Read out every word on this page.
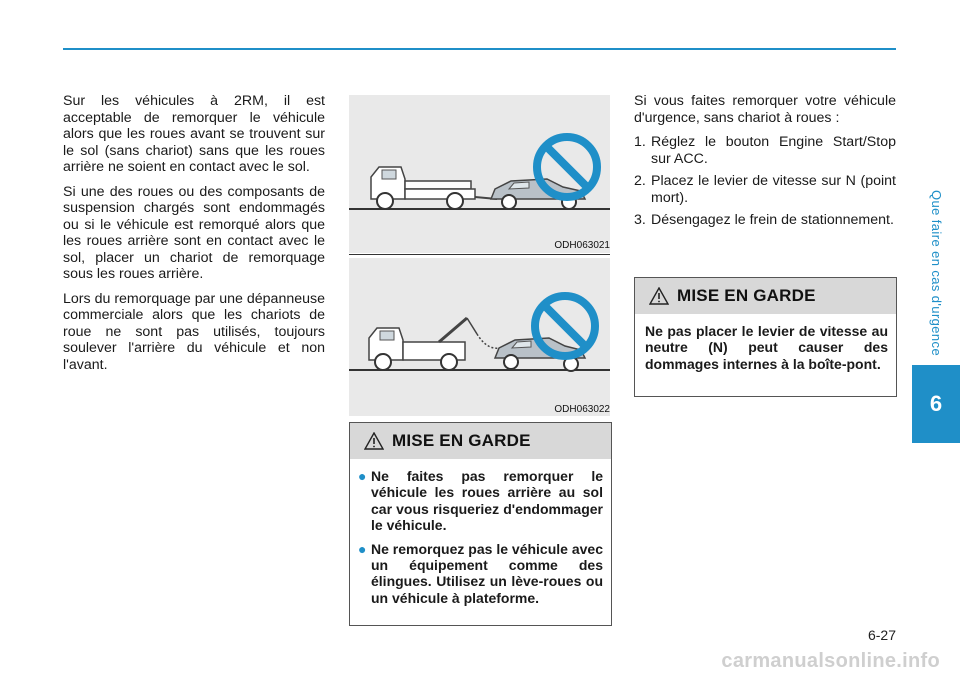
Que faire en cas d'urgence
6

Sur les véhicules à 2RM, il est acceptable de remorquer le véhicule alors que les roues avant se trouvent sur le sol (sans chariot) sans que les roues arrière ne soient en contact avec le sol.

Si une des roues ou des composants de suspension chargés sont endommagés ou si le véhicule est remorqué alors que les roues arrière sont en contact avec le sol, placer un chariot de remorquage sous les roues arrière.

Lors du remorquage par une dépanneuse commerciale alors que les chariots de roue ne sont pas utilisés, toujours soulever l'arrière du véhicule et non l'avant.

ODH063021
ODH063022
MISE EN GARDE
● Ne faites pas remorquer le véhicule les roues arrière au sol car vous risqueriez d'endommager le véhicule.
● Ne remorquez pas le véhicule avec un équipement comme des élingues. Utilisez un lève-roues ou un véhicule à plateforme.

Si vous faites remorquer votre véhicule d'urgence, sans chariot à roues :

1. Réglez le bouton Engine Start/Stop sur ACC.
2. Placez le levier de vitesse sur N (point mort).
3. Désengagez le frein de stationnement.
MISE EN GARDE

Ne pas placer le levier de vitesse au neutre (N) peut causer des dommages internes à la boîte-pont.

6-27
carmanualsonline.info
